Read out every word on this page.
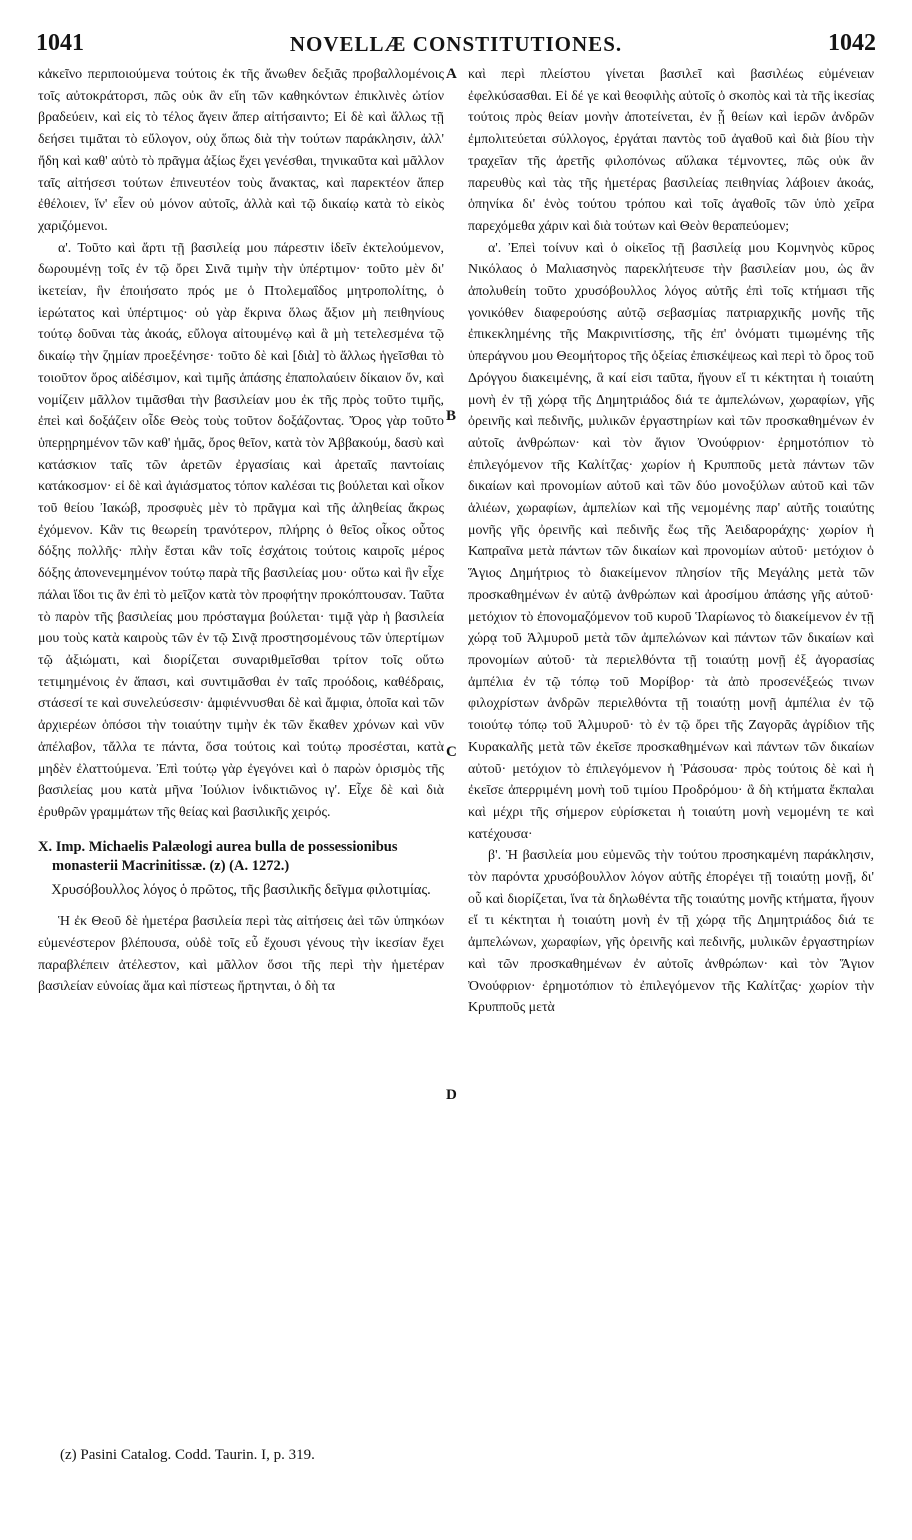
1041	NOVELLÆ CONSTITUTIONES.	1042
A
B
C
D

κἀκεῖνο περιποιούμενα τούτοις ἐκ τῆς ἄνωθεν δεξιᾶς προβαλλομένοις τοῖς αὐτοκράτορσι, πῶς οὐκ ἂν εἴη τῶν καθηκόντων ἐπικλινὲς ὠτίον βραδεύειν, καὶ εἰς τὸ τέλος ἄγειν ἅπερ αἰτήσαιντο; Εἰ δὲ καὶ ἄλλως τῇ δεήσει τιμᾶται τὸ εὔλογον, οὐχ ὅπως διὰ τὴν τούτων παράκλησιν, ἀλλ' ἤδη καὶ καθ' αὑτὸ τὸ πρᾶγμα ἀξίως ἔχει γενέσθαι, τηνικαῦτα καὶ μᾶλλον ταῖς αἰτήσεσι τούτων ἐπινευτέον τοὺς ἄνακτας, καὶ παρεκτέον ἅπερ ἐθέλοιεν, ἵν' εἶεν οὐ μόνον αὐτοῖς, ἀλλὰ καὶ τῷ δικαίῳ κατὰ τὸ εἰκὸς χαριζόμενοι.

α'. Τοῦτο καὶ ἄρτι τῇ βασιλείᾳ μου πάρεστιν ἰδεῖν ἐκτελούμενον, δωρουμένῃ τοῖς ἐν τῷ ὄρει Σινᾶ τιμὴν τὴν ὑπέρτιμον· τοῦτο μὲν δι' ἱκετείαν, ἣν ἐποιήσατο πρός με ὁ Πτολεμαΐδος μητροπολίτης, ὁ ἱερώτατος καὶ ὑπέρτιμος· οὐ γὰρ ἔκρινα ὅλως ἄξιον μὴ πειθηνίους τούτῳ δοῦναι τὰς ἀκοάς, εὔλογα αἰτουμένῳ καὶ ἃ μὴ τετελεσμένα τῷ δικαίῳ τὴν ζημίαν προεξένησε· τοῦτο δὲ καὶ [διὰ] τὸ ἄλλως ἡγεῖσθαι τὸ τοιοῦτον ὄρος αἰδέσιμον, καὶ τιμῆς ἁπάσης ἐπαπολαύειν δίκαιον ὄν, καὶ νομίζειν μᾶλλον τιμᾶσθαι τὴν βασιλείαν μου ἐκ τῆς πρὸς τοῦτο τιμῆς, ἐπεὶ καὶ δοξάζειν οἶδε Θεὸς τοὺς τοῦτον δοξάζοντας. Ὄρος γὰρ τοῦτο ὑπερῃρημένον τῶν καθ' ἡμᾶς, ὄρος θεῖον, κατὰ τὸν Ἀββακούμ, δασὺ καὶ κατάσκιον ταῖς τῶν ἀρετῶν ἐργασίαις καὶ ἀρεταῖς παντοίαις κατάκοσμον· εἰ δὲ καὶ ἁγιάσματος τόπον καλέσαι τις βούλεται καὶ οἶκον τοῦ θείου Ἰακώβ, προσφυὲς μὲν τὸ πρᾶγμα καὶ τῆς ἀληθείας ἄκρως ἐχόμενον. Κἂν τις θεωρείη τρανότερον, πλήρης ὁ θεῖος οἶκος οὗτος δόξης πολλῆς· πλὴν ἔσται κἂν τοῖς ἐσχάτοις τούτοις καιροῖς μέρος δόξης ἀπονενεμημένον τούτῳ παρὰ τῆς βασιλείας μου· οὕτω καὶ ἣν εἶχε πάλαι ἴδοι τις ἂν ἐπὶ τὸ μεῖζον κατὰ τὸν προφήτην προκόπτουσαν. Ταῦτα τὸ παρὸν τῆς βασιλείας μου πρόσταγμα βούλεται· τιμᾷ γὰρ ἡ βασιλεία μου τοὺς κατὰ καιροὺς τῶν ἐν τῷ Σινᾷ προστησομένους τῶν ὑπερτίμων τῷ ἀξιώματι, καὶ διορίζεται συναριθμεῖσθαι τρίτον τοῖς οὕτω τετιμημένοις ἐν ἅπασι, καὶ συντιμᾶσθαι ἐν ταῖς προόδοις, καθέδραις, στάσεσί τε καὶ συνελεύσεσιν· ἀμφιέννυσθαι δὲ καὶ ἄμφια, ὁποῖα καὶ τῶν ἀρχιερέων ὁπόσοι τὴν τοιαύτην τιμὴν ἐκ τῶν ἔκαθεν χρόνων καὶ νῦν ἀπέλαβον, τἄλλα τε πάντα, ὅσα τούτοις καὶ τούτῳ προσέσται, κατὰ μηδὲν ἐλαττούμενα. Ἐπὶ τούτῳ γὰρ ἐγεγόνει καὶ ὁ παρὼν ὁρισμὸς τῆς βασιλείας μου κατὰ μῆνα Ἰούλιον ἰνδικτιῶνος ιγ'. Εἶχε δὲ καὶ διὰ ἐρυθρῶν γραμμάτων τῆς θείας καὶ βασιλικῆς χειρός.

X. Imp. Michaelis Palæologi aurea bulla de possessionibus monasterii Macrinitissæ. (z) (A. 1272.)

Χρυσόβουλλος λόγος ὁ πρῶτος, τῆς βασιλικῆς δεῖγμα φιλοτιμίας.

Ἡ ἐκ Θεοῦ δὲ ἡμετέρα βασιλεία περὶ τὰς αἰτήσεις ἀεὶ τῶν ὑπηκόων εὐμενέστερον βλέπουσα, οὐδὲ τοῖς εὖ ἔχουσι γένους τὴν ἱκεσίαν ἔχει παραβλέπειν ἀτέλεστον, καὶ μᾶλλον ὅσοι τῆς περὶ τὴν ἡμετέραν βασιλείαν εὐνοίας ἅμα καὶ πίστεως ἤρτηνται, ὁ δὴ τα

καὶ περὶ πλείστου γίνεται βασιλεῖ καὶ βασιλέως εὐμένειαν ἐφελκύσασθαι. Εἰ δέ γε καὶ θεοφιλὴς αὐτοῖς ὁ σκοπὸς καὶ τὰ τῆς ἱκεσίας τούτοις πρὸς θείαν μονὴν ἀποτείνεται, ἐν ᾗ θείων καὶ ἱερῶν ἀνδρῶν ἐμπολιτεύεται σύλλογος, ἐργάται παντὸς τοῦ ἀγαθοῦ καὶ διὰ βίου τὴν τραχεῖαν τῆς ἀρετῆς φιλοπόνως αὔλακα τέμνοντες, πῶς οὐκ ἂν παρευθὺς καὶ τὰς τῆς ἡμετέρας βασιλείας πειθηνίας λάβοιεν ἀκοάς, ὁπηνίκα δι' ἑνὸς τούτου τρόπου καὶ τοῖς ἀγαθοῖς τῶν ὑπὸ χεῖρα παρεχόμεθα χάριν καὶ διὰ τούτων καὶ Θεὸν θεραπεύομεν;

α'. Ἐπεὶ τοίνυν καὶ ὁ οἰκεῖος τῇ βασιλείᾳ μου Κομνηνὸς κῦρος Νικόλαος ὁ Μαλιασηνὸς παρεκλήτευσε τὴν βασιλείαν μου, ὡς ἂν ἀπολυθείη τοῦτο χρυσόβουλλος λόγος αὐτῆς ἐπὶ τοῖς κτήμασι τῆς γονικόθεν διαφερούσης αὐτῷ σεβασμίας πατριαρχικῆς μονῆς τῆς ἐπικεκλημένης τῆς Μακρινιτίσσης, τῆς ἐπ' ὀνόματι τιμωμένης τῆς ὑπεράγνου μου Θεομήτορος τῆς ὀξείας ἐπισκέψεως καὶ περὶ τὸ ὄρος τοῦ Δρόγγου διακειμένης, ἃ καί εἰσι ταῦτα, ἤγουν εἴ τι κέκτηται ἡ τοιαύτη μονὴ ἐν τῇ χώρᾳ τῆς Δημητριάδος διά τε ἀμπελώνων, χωραφίων, γῆς ὀρεινῆς καὶ πεδινῆς, μυλικῶν ἐργαστηρίων καὶ τῶν προσκαθημένων ἐν αὐτοῖς ἀνθρώπων· καὶ τὸν ἅγιον Ὀνούφριον· ἐρημοτόπιον τὸ ἐπιλεγόμενον τῆς Καλίτζας· χωρίον ἡ Κρυπποῦς μετὰ πάντων τῶν δικαίων καὶ προνομίων αὐτοῦ καὶ τῶν δύο μονοξύλων αὐτοῦ καὶ τῶν ἁλιέων, χωραφίων, ἀμπελίων καὶ τῆς νεμομένης παρ' αὐτῆς τοιαύτης μονῆς γῆς ὀρεινῆς καὶ πεδινῆς ἕως τῆς Ἀειδαροράχης· χωρίον ἡ Καπραῖνα μετὰ πάντων τῶν δικαίων καὶ προνομίων αὐτοῦ· μετόχιον ὁ Ἅγιος Δημήτριος τὸ διακείμενον πλησίον τῆς Μεγάλης μετὰ τῶν προσκαθημένων ἐν αὐτῷ ἀνθρώπων καὶ ἀροσίμου ἁπάσης γῆς αὐτοῦ· μετόχιον τὸ ἐπονομαζόμενον τοῦ κυροῦ Ἱλαρίωνος τὸ διακείμενον ἐν τῇ χώρᾳ τοῦ Ἁλμυροῦ μετὰ τῶν ἀμπελώνων καὶ πάντων τῶν δικαίων καὶ προνομίων αὐτοῦ· τὰ περιελθόντα τῇ τοιαύτῃ μονῇ ἐξ ἀγορασίας ἀμπέλια ἐν τῷ τόπῳ τοῦ Μορίβορ· τὰ ἀπὸ προσενέξεώς τινων φιλοχρίστων ἀνδρῶν περιελθόντα τῇ τοιαύτῃ μονῇ ἀμπέλια ἐν τῷ τοιούτῳ τόπῳ τοῦ Ἁλμυροῦ· τὸ ἐν τῷ ὄρει τῆς Ζαγορᾶς ἀγρίδιον τῆς Κυρακαλῆς μετὰ τῶν ἐκεῖσε προσκαθημένων καὶ πάντων τῶν δικαίων αὐτοῦ· μετόχιον τὸ ἐπιλεγόμενον ἡ Ῥάσουσα· πρὸς τούτοις δὲ καὶ ἡ ἐκεῖσε ἀπερριμένη μονὴ τοῦ τιμίου Προδρόμου· ἃ δὴ κτήματα ἔκπαλαι καὶ μέχρι τῆς σήμερον εὑρίσκεται ἡ τοιαύτη μονὴ νεμομένη τε καὶ κατέχουσα·

β'. Ἡ βασιλεία μου εὐμενῶς τὴν τούτου προσηκαμένη παράκλησιν, τὸν παρόντα χρυσόβουλλον λόγον αὐτῆς ἐπορέγει τῇ τοιαύτῃ μονῇ, δι' οὗ καὶ διορίζεται, ἵνα τὰ δηλωθέντα τῆς τοιαύτης μονῆς κτήματα, ἤγουν εἴ τι κέκτηται ἡ τοιαύτη μονὴ ἐν τῇ χώρᾳ τῆς Δημητριάδος διά τε ἀμπελώνων, χωραφίων, γῆς ὀρεινῆς καὶ πεδινῆς, μυλικῶν ἐργαστηρίων καὶ τῶν προσκαθημένων ἐν αὐτοῖς ἀνθρώπων· καὶ τὸν Ἅγιον Ὀνούφριον· ἐρημοτόπιον τὸ ἐπιλεγόμενον τῆς Καλίτζας· χωρίον τὴν Κρυπποῦς μετὰ

(z) Pasini Catalog. Codd. Taurin. I, p. 319.
